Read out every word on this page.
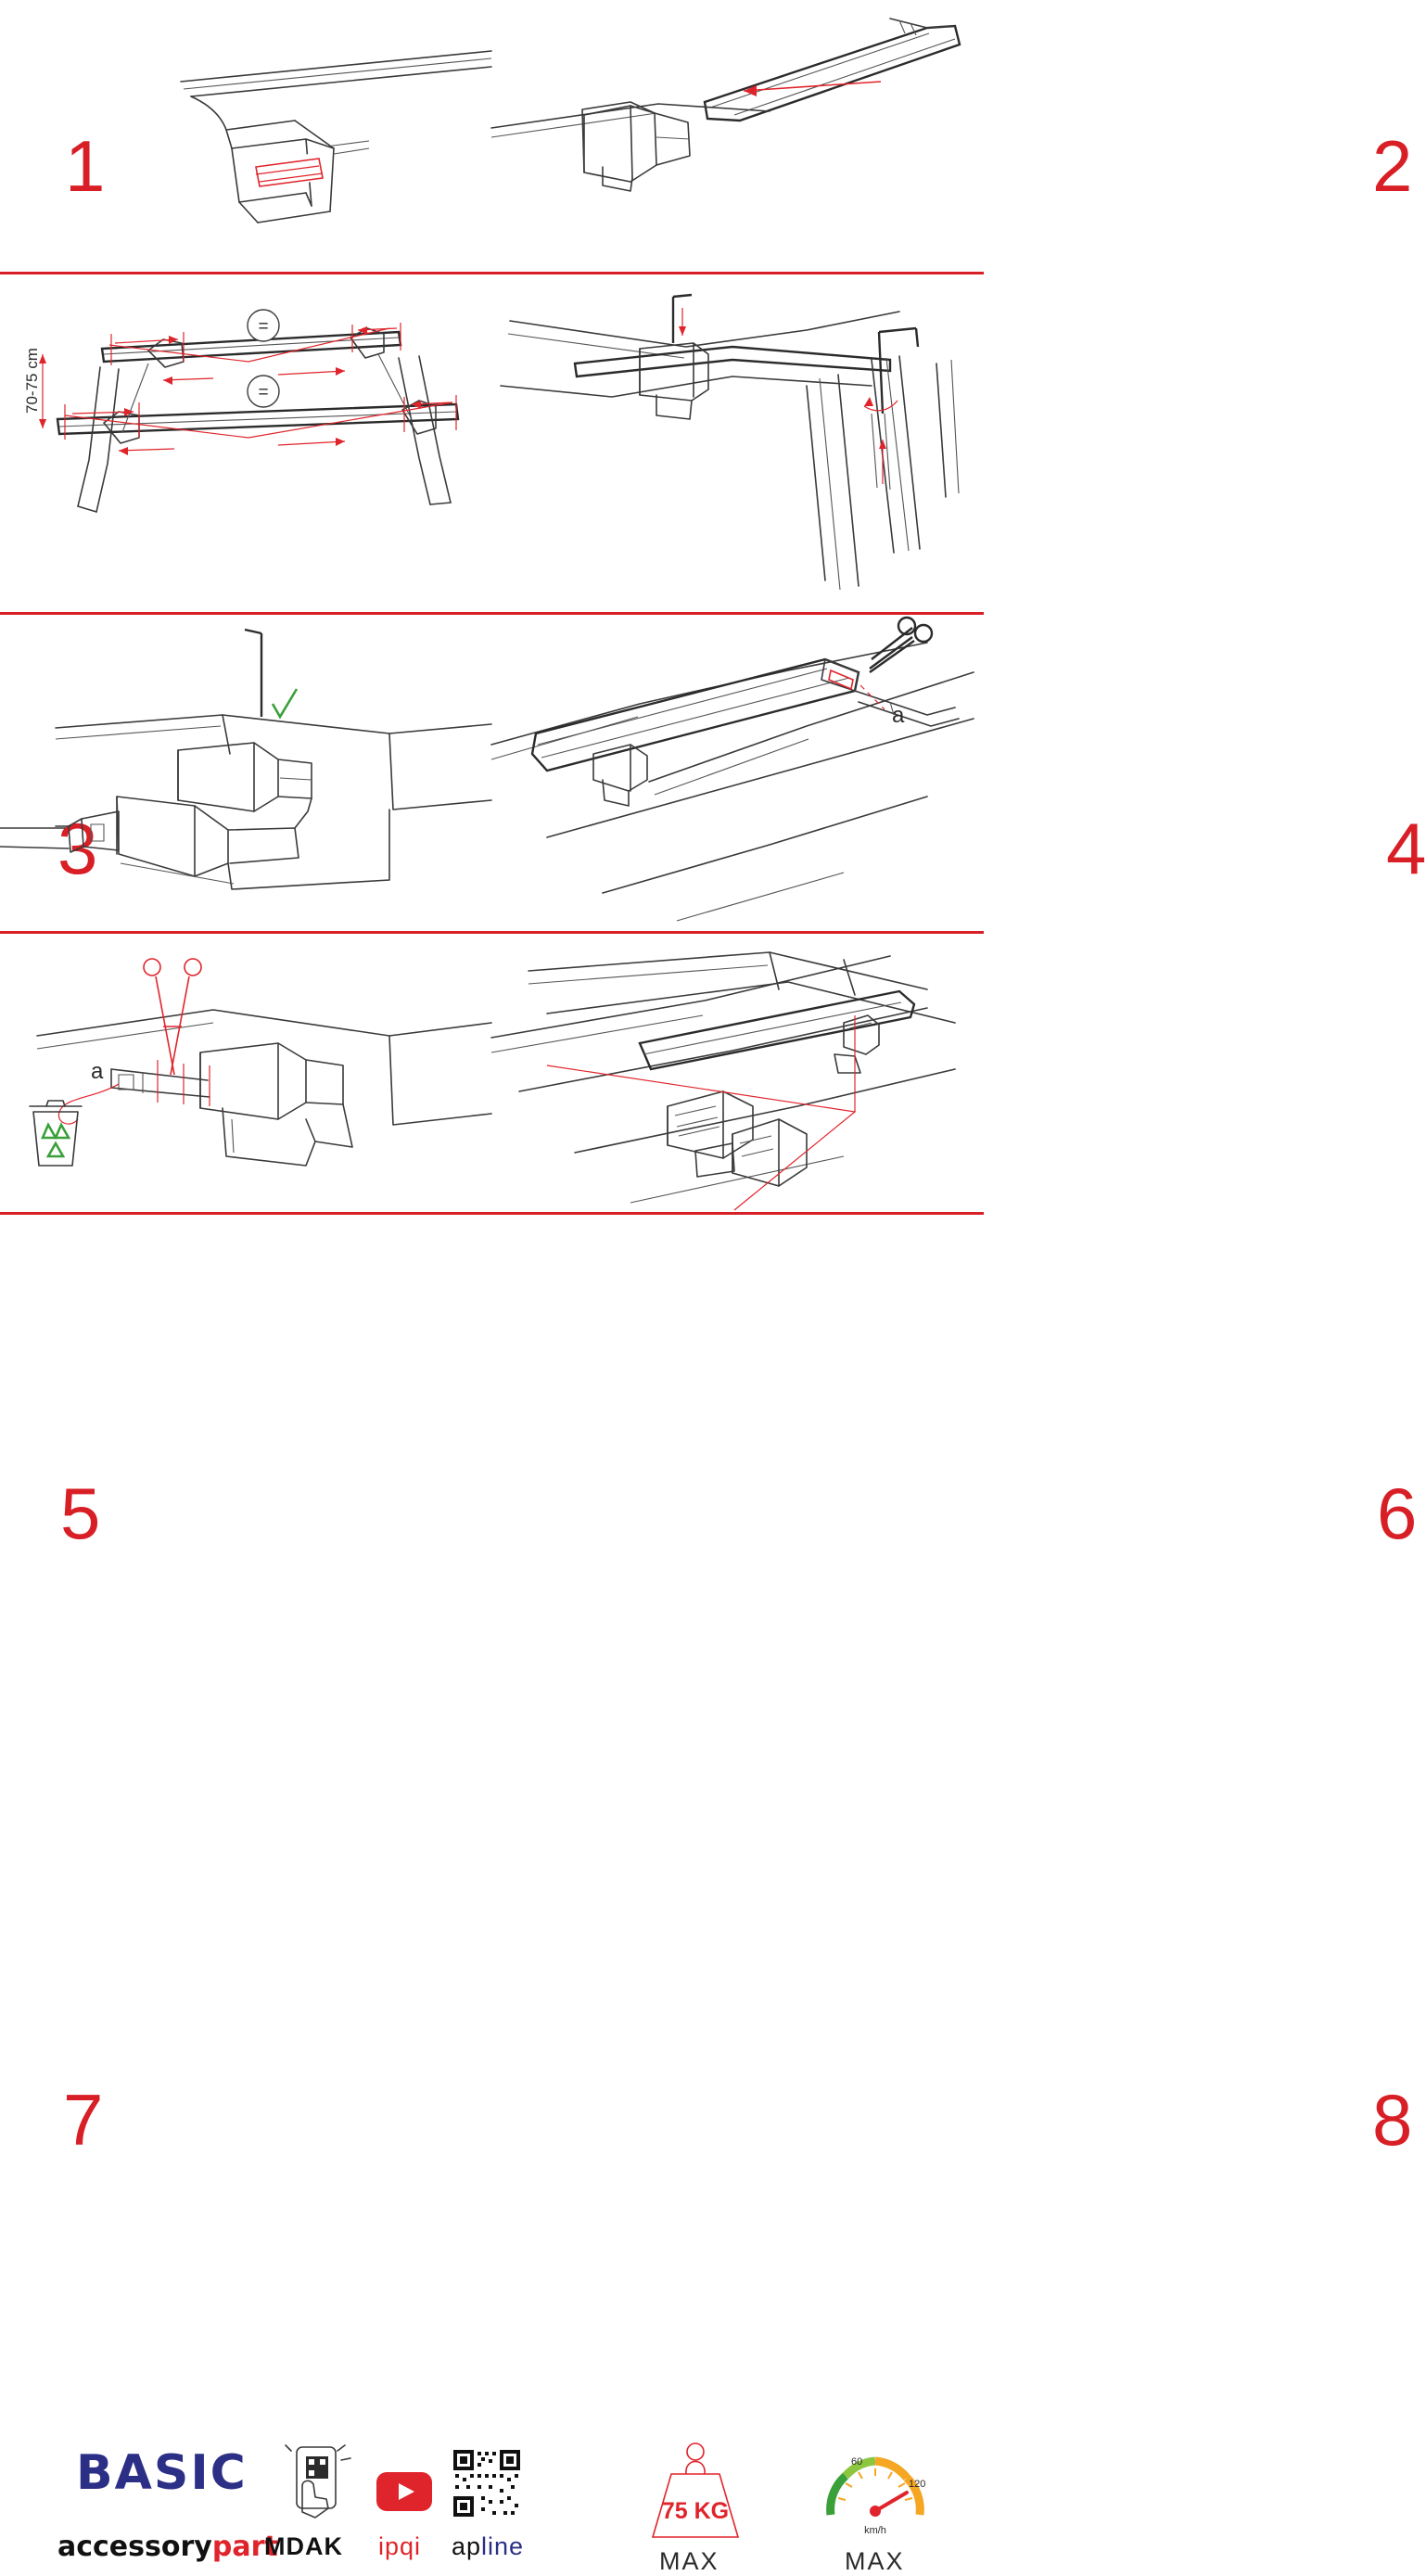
1	2
70-75 cm
=
=
3	4
5
a
6
a
7	8
BASIC
accessorypart
MDAK ipqi apline
75 KG
MAX
60
120
km/h
MAX
